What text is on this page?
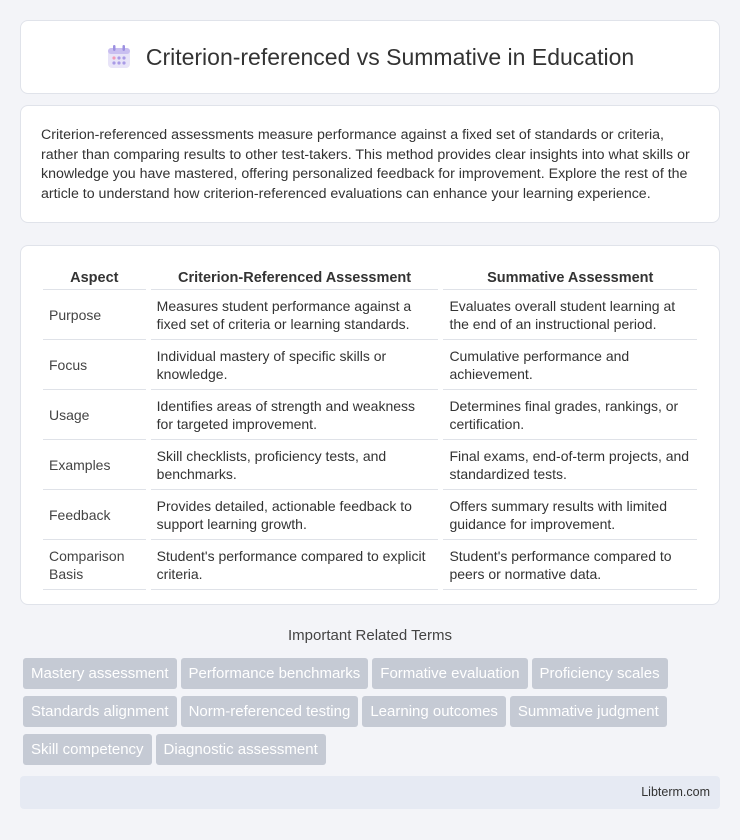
Criterion-referenced vs Summative in Education

Criterion-referenced assessments measure performance against a fixed set of standards or criteria, rather than comparing results to other test-takers. This method provides clear insights into what skills or knowledge you have mastered, offering personalized feedback for improvement. Explore the rest of the article to understand how criterion-referenced evaluations can enhance your learning experience.

Aspect	Criterion-Referenced Assessment	Summative Assessment
Purpose	Measures student performance against a fixed set of criteria or learning standards.	Evaluates overall student learning at the end of an instructional period.
Focus	Individual mastery of specific skills or knowledge.	Cumulative performance and achievement.
Usage	Identifies areas of strength and weakness for targeted improvement.	Determines final grades, rankings, or certification.
Examples	Skill checklists, proficiency tests, and benchmarks.	Final exams, end-of-term projects, and standardized tests.
Feedback	Provides detailed, actionable feedback to support learning growth.	Offers summary results with limited guidance for improvement.
Comparison Basis	Student's performance compared to explicit criteria.	Student's performance compared to peers or normative data.
Important Related Terms
Mastery assessment Performance benchmarks Formative evaluation Proficiency scalesStandards alignment Norm-referenced testing Learning outcomes Summative judgmentSkill competency Diagnostic assessment
Libterm.com
